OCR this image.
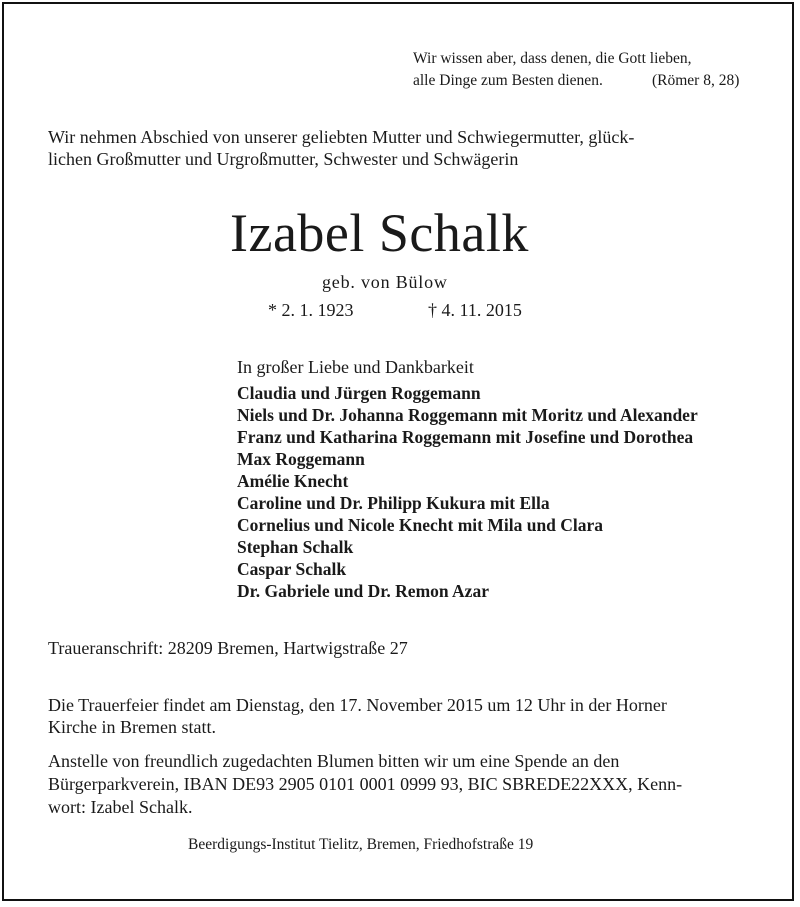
Wir wissen aber, dass denen, die Gott lieben,
alle Dinge zum Besten dienen.	(Römer 8, 28)
Wir nehmen Abschied von unserer geliebten Mutter und Schwiegermutter, glück-
lichen Großmutter und Urgroßmutter, Schwester und Schwägerin
Izabel Schalk
geb. von Bülow
* 2. 1. 1923	† 4. 11. 2015
In großer Liebe und Dankbarkeit
Claudia und Jürgen Roggemann
Niels und Dr. Johanna Roggemann mit Moritz und Alexander
Franz und Katharina Roggemann mit Josefine und Dorothea
Max Roggemann
Amélie Knecht
Caroline und Dr. Philipp Kukura mit Ella
Cornelius und Nicole Knecht mit Mila und Clara
Stephan Schalk
Caspar Schalk
Dr. Gabriele und Dr. Remon Azar
Traueranschrift: 28209 Bremen, Hartwigstraße 27
Die Trauerfeier findet am Dienstag, den 17. November 2015 um 12 Uhr in der Horner
Kirche in Bremen statt.
Anstelle von freundlich zugedachten Blumen bitten wir um eine Spende an den
Bürgerparkverein, IBAN DE93 2905 0101 0001 0999 93, BIC SBREDE22XXX, Kenn-
wort: Izabel Schalk.
Beerdigungs-Institut Tielitz, Bremen, Friedhofstraße 19
